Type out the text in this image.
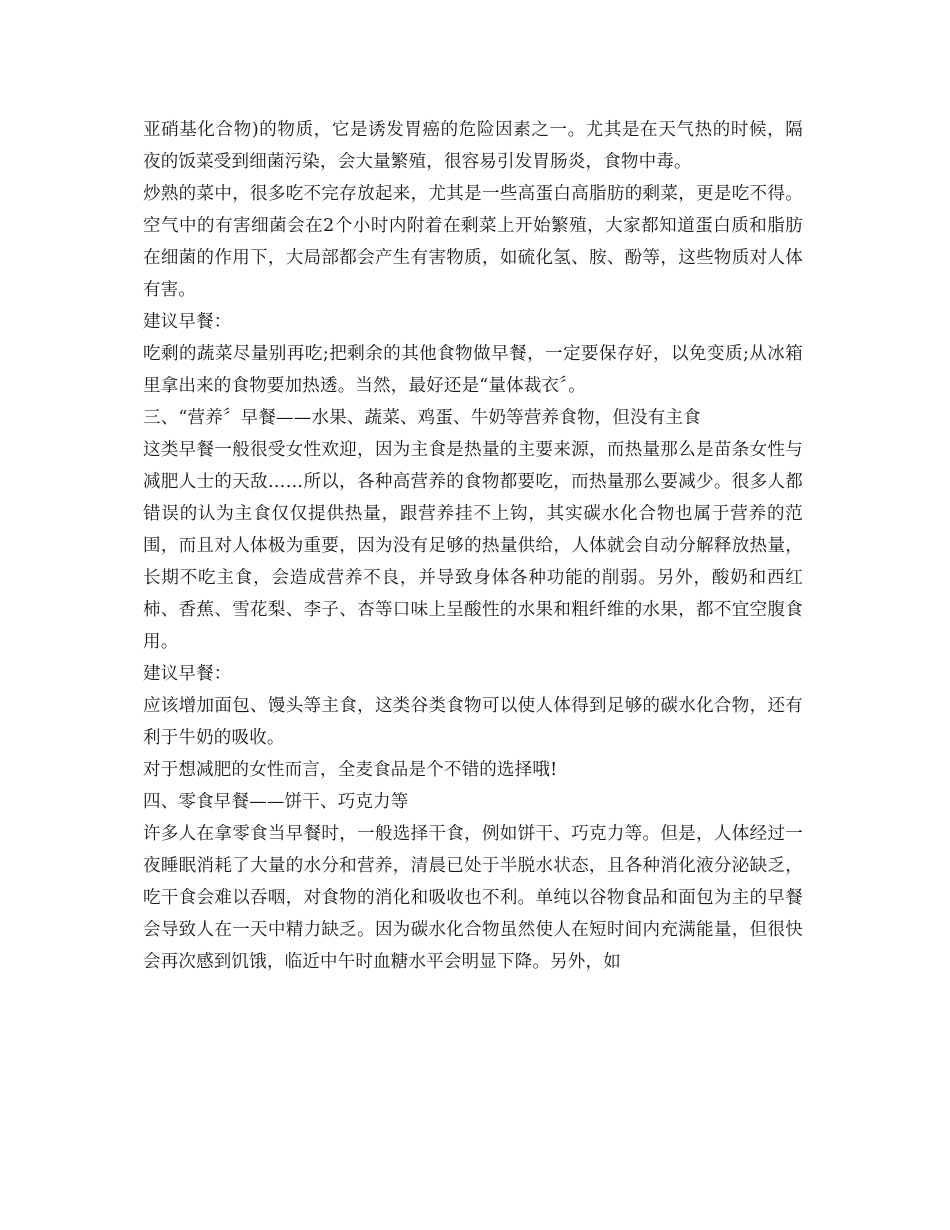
亚硝基化合物)的物质，它是诱发胃癌的危险因素之一。尤其是在天气热的时候，隔夜的饭菜受到细菌污染，会大量繁殖，很容易引发胃肠炎，食物中毒。

炒熟的菜中，很多吃不完存放起来，尤其是一些高蛋白高脂肪的剩菜，更是吃不得。空气中的有害细菌会在2个小时内附着在剩菜上开始繁殖，大家都知道蛋白质和脂肪在细菌的作用下，大局部都会产生有害物质，如硫化氢、胺、酚等，这些物质对人体有害。

建议早餐：

吃剩的蔬菜尽量别再吃;把剩余的其他食物做早餐，一定要保存好，以免变质;从冰箱里拿出来的食物要加热透。当然，最好还是“量体裁衣〞。

三、“营养〞早餐——水果、蔬菜、鸡蛋、牛奶等营养食物，但没有主食

这类早餐一般很受女性欢迎，因为主食是热量的主要来源，而热量那么是苗条女性与减肥人士的天敌……所以，各种高营养的食物都要吃，而热量那么要减少。很多人都错误的认为主食仅仅提供热量，跟营养挂不上钩，其实碳水化合物也属于营养的范围，而且对人体极为重要，因为没有足够的热量供给，人体就会自动分解释放热量，长期不吃主食，会造成营养不良，并导致身体各种功能的削弱。另外，酸奶和西红柿、香蕉、雪花梨、李子、杏等口味上呈酸性的水果和粗纤维的水果，都不宜空腹食用。

建议早餐：

应该增加面包、馒头等主食，这类谷类食物可以使人体得到足够的碳水化合物，还有利于牛奶的吸收。

对于想减肥的女性而言，全麦食品是个不错的选择哦!

四、零食早餐——饼干、巧克力等

许多人在拿零食当早餐时，一般选择干食，例如饼干、巧克力等。但是，人体经过一夜睡眠消耗了大量的水分和营养，清晨已处于半脱水状态，且各种消化液分泌缺乏，吃干食会难以吞咽，对食物的消化和吸收也不利。单纯以谷物食品和面包为主的早餐会导致人在一天中精力缺乏。因为碳水化合物虽然使人在短时间内充满能量，但很快会再次感到饥饿，临近中午时血糖水平会明显下降。另外，如
